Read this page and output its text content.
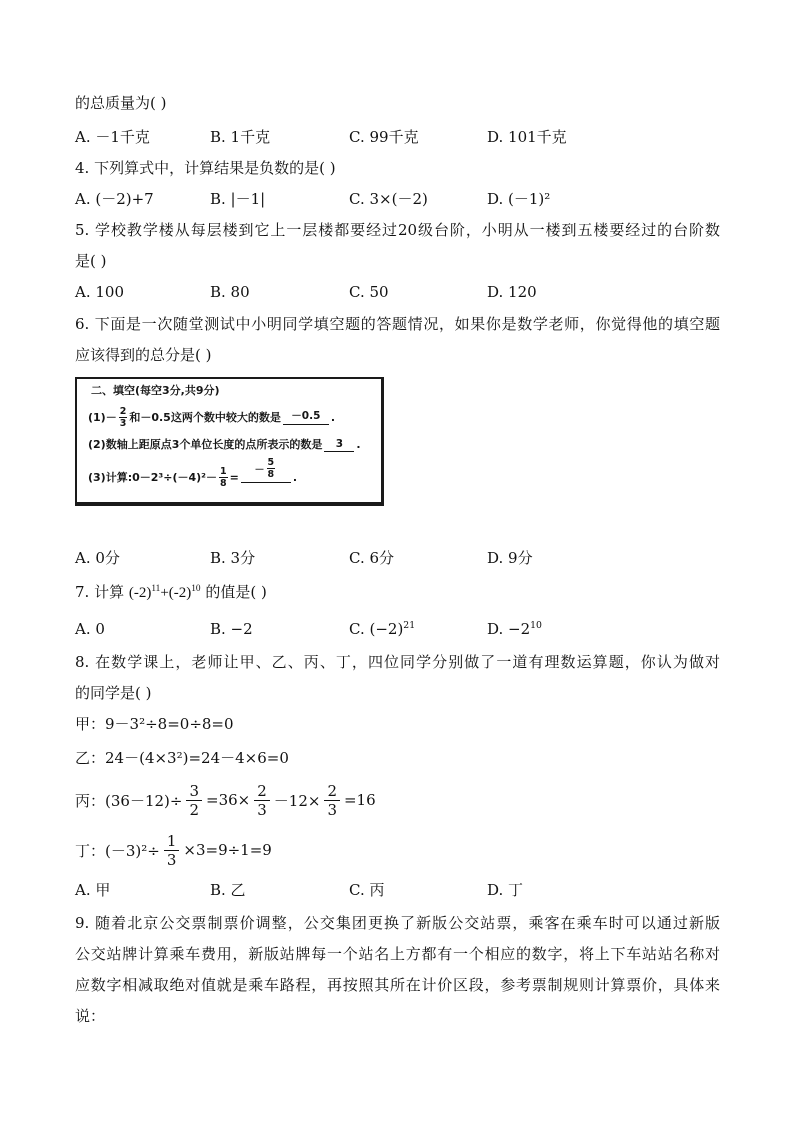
的总质量为( )
A. －1千克	B. 1千克	C. 99千克	D. 101千克
4. 下列算式中，计算结果是负数的是( )
A. (－2)+7	B. |－1|	C. 3×(－2)	D. (－1)²
5. 学校教学楼从每层楼到它上一层楼都要经过20级台阶，小明从一楼到五楼要经过的台阶数
是( )
A. 100	B. 80	C. 50	D. 120
6. 下面是一次随堂测试中小明同学填空题的答题情况，如果你是数学老师，你觉得他的填空题
应该得到的总分是( )
二、填空(每空3分,共9分)
$(1)- \frac{2}{3}$ 和－0.5这两个数中较大的数是 －0.5 .
(2)数轴上距原点3个单位长度的点所表示的数是	3	.
(3)计算:0－2³÷(－4)²－ $\frac{1}{8}$ =
－ $\frac{5}{8}$ .
A. 0分	B. 3分	C. 6分	D. 9分
7. 计算 $(-2)^{11}+(-2)^{10}$ 的值是( )
A. 0	B. −2	C. $(-2)^{21}$	D. $-2^{10}$
8. 在数学课上，老师让甲、乙、丙、丁，四位同学分别做了一道有理数运算题，你认为做对
的同学是( )
甲：9－3²÷8=0÷8=0
乙：24－(4×3²)=24－4×6=0
丙：$(36-12)\div \frac{3}{2} =36\times \frac{2}{3} -12\times \frac{2}{3} =16$
丁：$(-3)^2\div \frac{1}{3} \times 3=9\div 1=9$
A. 甲	B. 乙	C. 丙	D. 丁
9. 随着北京公交票制票价调整，公交集团更换了新版公交站票，乘客在乘车时可以通过新版
公交站牌计算乘车费用，新版站牌每一个站名上方都有一个相应的数字，将上下车站站名称对
应数字相减取绝对值就是乘车路程，再按照其所在计价区段，参考票制规则计算票价，具体来
说：
